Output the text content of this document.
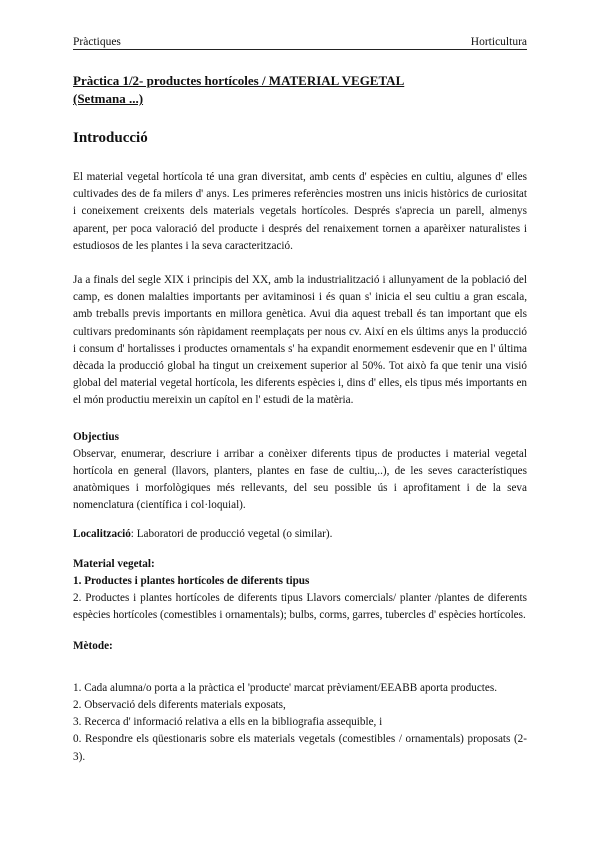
Pràctiques	Horticultura
Pràctica 1/2- productes hortícoles / MATERIAL VEGETAL
(Setmana ...)
Introducció

El material vegetal hortícola té una gran diversitat, amb cents d' espècies en cultiu, algunes d' elles cultivades des de fa milers d' anys. Les primeres referències mostren uns inicis històrics de curiositat i coneixement creixents dels materials vegetals hortícoles. Després s'aprecia un parell, almenys aparent, per poca valoració del producte i després del renaixement tornen a aparèixer naturalistes i estudiosos de les plantes i la seva caracterització.

Ja a finals del segle XIX i principis del XX, amb la industrialització i allunyament de la població del camp, es donen malalties importants per avitaminosi i és quan s' inicia el seu cultiu a gran escala, amb treballs previs importants en millora genètica. Avui dia aquest treball és tan important que els cultivars predominants són ràpidament reemplaçats per nous cv. Així en els últims anys la producció i consum d' hortalisses i productes ornamentals s' ha expandit enormement esdevenir que en l' última dècada la producció global ha tingut un creixement superior al 50%. Tot això fa que tenir una visió global del material vegetal hortícola, les diferents espècies i, dins d' elles, els tipus més importants en el món productiu mereixin un capítol en l' estudi de la matèria.

Objectius

Observar, enumerar, descriure i arribar a conèixer diferents tipus de productes i material vegetal hortícola en general (llavors, planters, plantes en fase de cultiu,..), de les seves característiques anatòmiques i morfològiques més rellevants, del seu possible ús i aprofitament i de la seva nomenclatura (científica i col·loquial).

Localització: Laboratori de producció vegetal (o similar).

Material vegetal:

1. Productes i plantes hortícoles de diferents tipus

2. Productes i plantes hortícoles de diferents tipus Llavors comercials/ planter /plantes de diferents espècies hortícoles (comestibles i ornamentals); bulbs, corms, garres, tubercles d' espècies hortícoles.

Mètode:

1. Cada alumna/o porta a la pràctica el 'producte' marcat prèviament/EEABB aporta productes.

2. Observació dels diferents materials exposats,

3. Recerca d' informació relativa a ells en la bibliografia assequible, i

0. Respondre els qüestionaris sobre els materials vegetals (comestibles / ornamentals) proposats (2-3).
